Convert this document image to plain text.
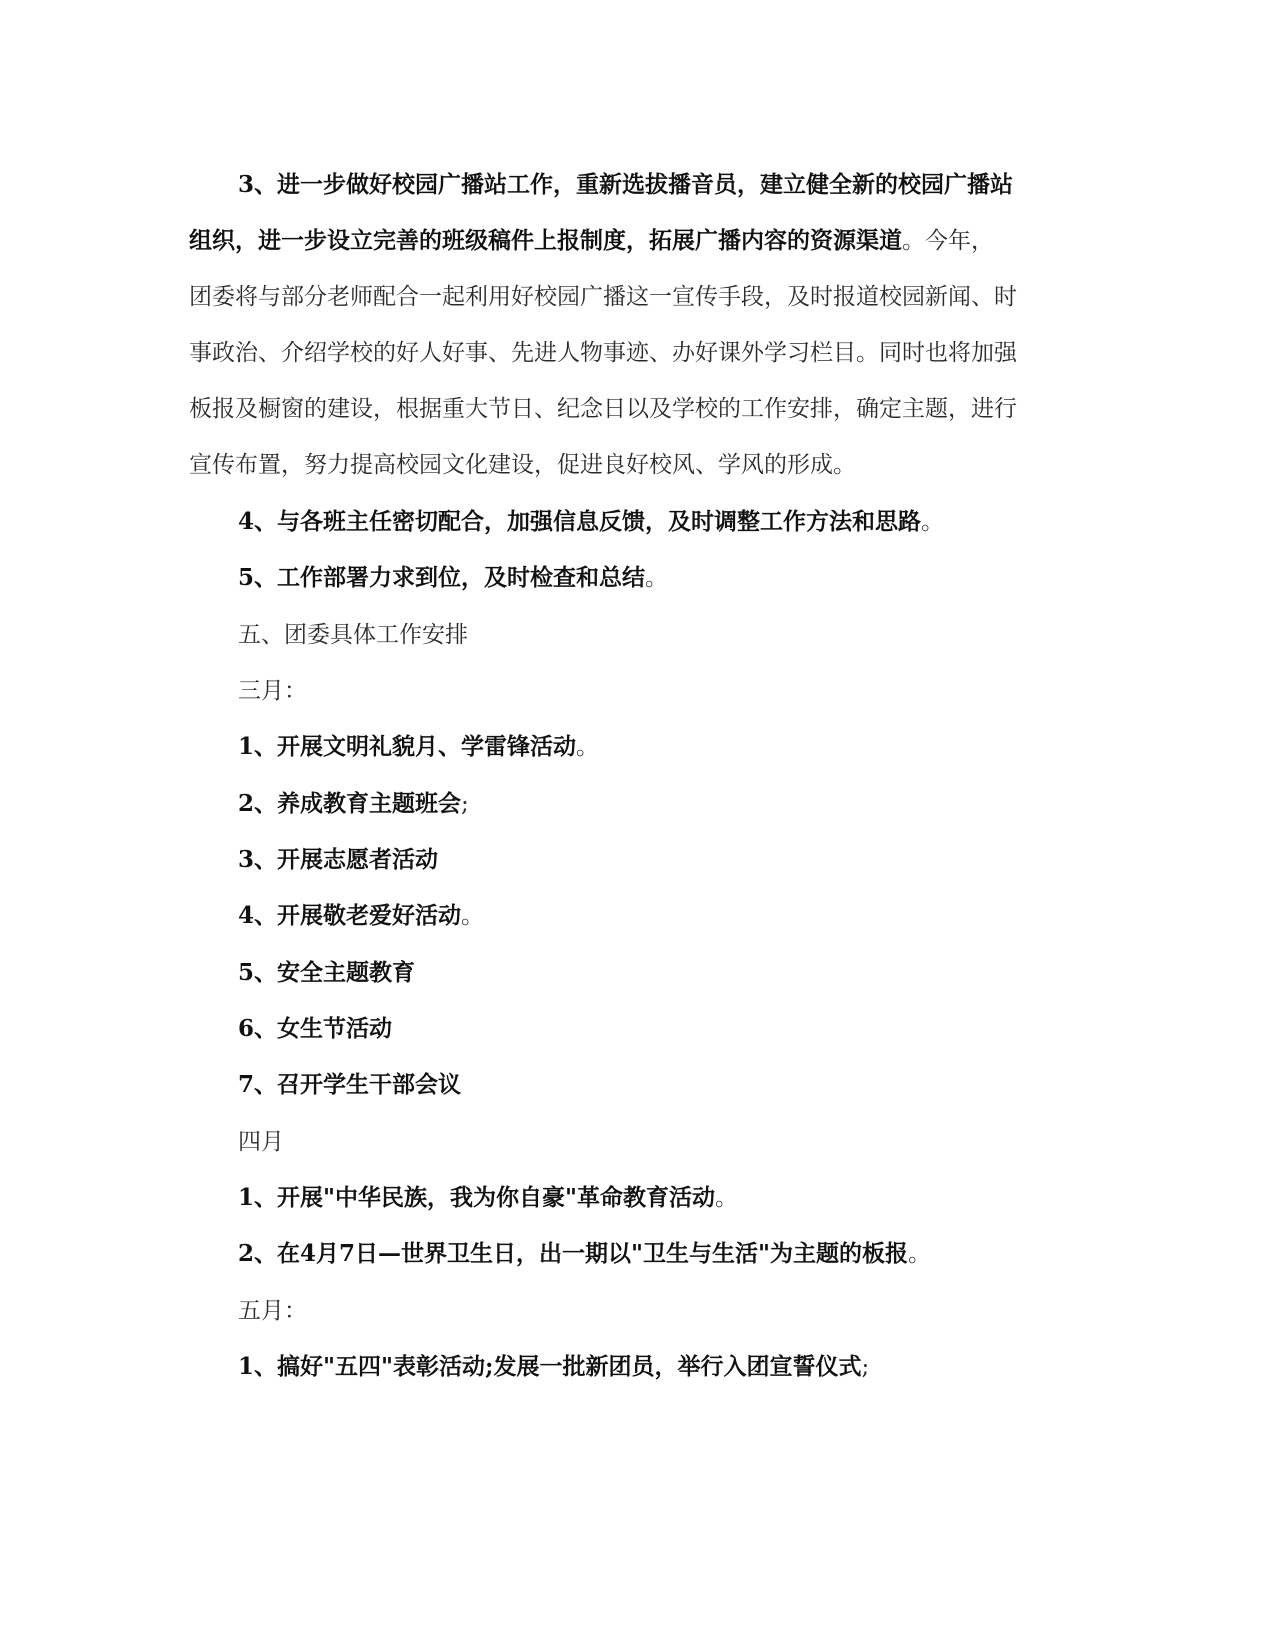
3、进一步做好校园广播站工作，重新选拔播音员，建立健全新的校园广播站
组织，进一步设立完善的班级稿件上报制度，拓展广播内容的资源渠道。今年，
团委将与部分老师配合一起利用好校园广播这一宣传手段，及时报道校园新闻、时
事政治、介绍学校的好人好事、先进人物事迹、办好课外学习栏目。同时也将加强
板报及橱窗的建设，根据重大节日、纪念日以及学校的工作安排，确定主题，进行
宣传布置，努力提高校园文化建设，促进良好校风、学风的形成。
4、与各班主任密切配合，加强信息反馈，及时调整工作方法和思路。
5、工作部署力求到位，及时检查和总结。
五、团委具体工作安排
三月：
1、开展文明礼貌月、学雷锋活动。
2、养成教育主题班会;
3、开展志愿者活动
4、开展敬老爱好活动。
5、安全主题教育
6、女生节活动
7、召开学生干部会议
四月
1、开展"中华民族，我为你自豪"革命教育活动。
2、在4月7日—世界卫生日，出一期以"卫生与生活"为主题的板报。
五月：
1、搞好"五四"表彰活动;发展一批新团员，举行入团宣誓仪式;
